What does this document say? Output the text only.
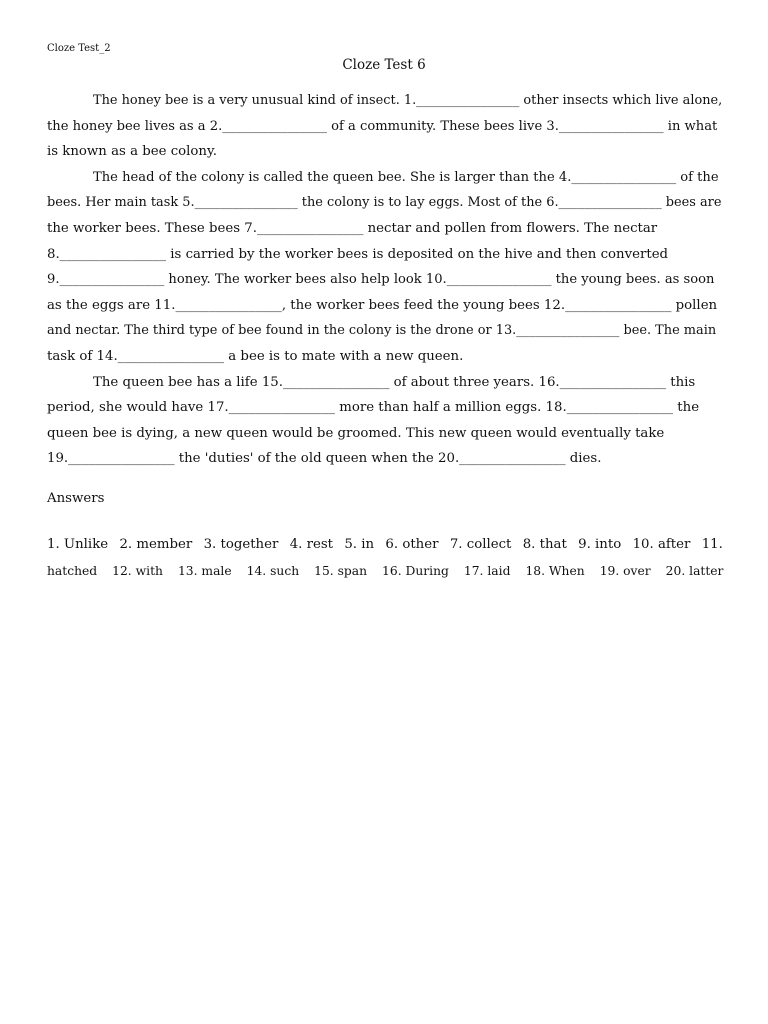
Cloze Test_2
Cloze Test 6
The honey bee is a very unusual kind of insect. 1.________________ other insects which live alone,
the honey bee lives as a 2.________________ of a community. These bees live 3.________________ in what
is known as a bee colony.
The head of the colony is called the queen bee. She is larger than the 4.________________ of the
bees. Her main task 5.________________ the colony is to lay eggs. Most of the 6.________________ bees are
the worker bees. These bees 7.________________ nectar and pollen from flowers. The nectar
8.________________ is carried by the worker bees is deposited on the hive and then converted
9.________________ honey. The worker bees also help look 10.________________ the young bees. as soon
as the eggs are 11.________________, the worker bees feed the young bees 12.________________ pollen
and nectar. The third type of bee found in the colony is the drone or 13.________________ bee. The main
task of 14.________________ a bee is to mate with a new queen.
The queen bee has a life 15.________________ of about three years. 16.________________ this
period, she would have 17.________________ more than half a million eggs. 18.________________ the
queen bee is dying, a new queen would be groomed. This new queen would eventually take
19.________________ the 'duties' of the old queen when the 20.________________ dies.
Answers
1. Unlike 2. member 3. together 4. rest 5. in 6. other 7. collect 8. that 9. into 10. after 11.
hatched 12. with 13. male 14. such 15. span 16. During 17. laid 18. When 19. over 20. latter
